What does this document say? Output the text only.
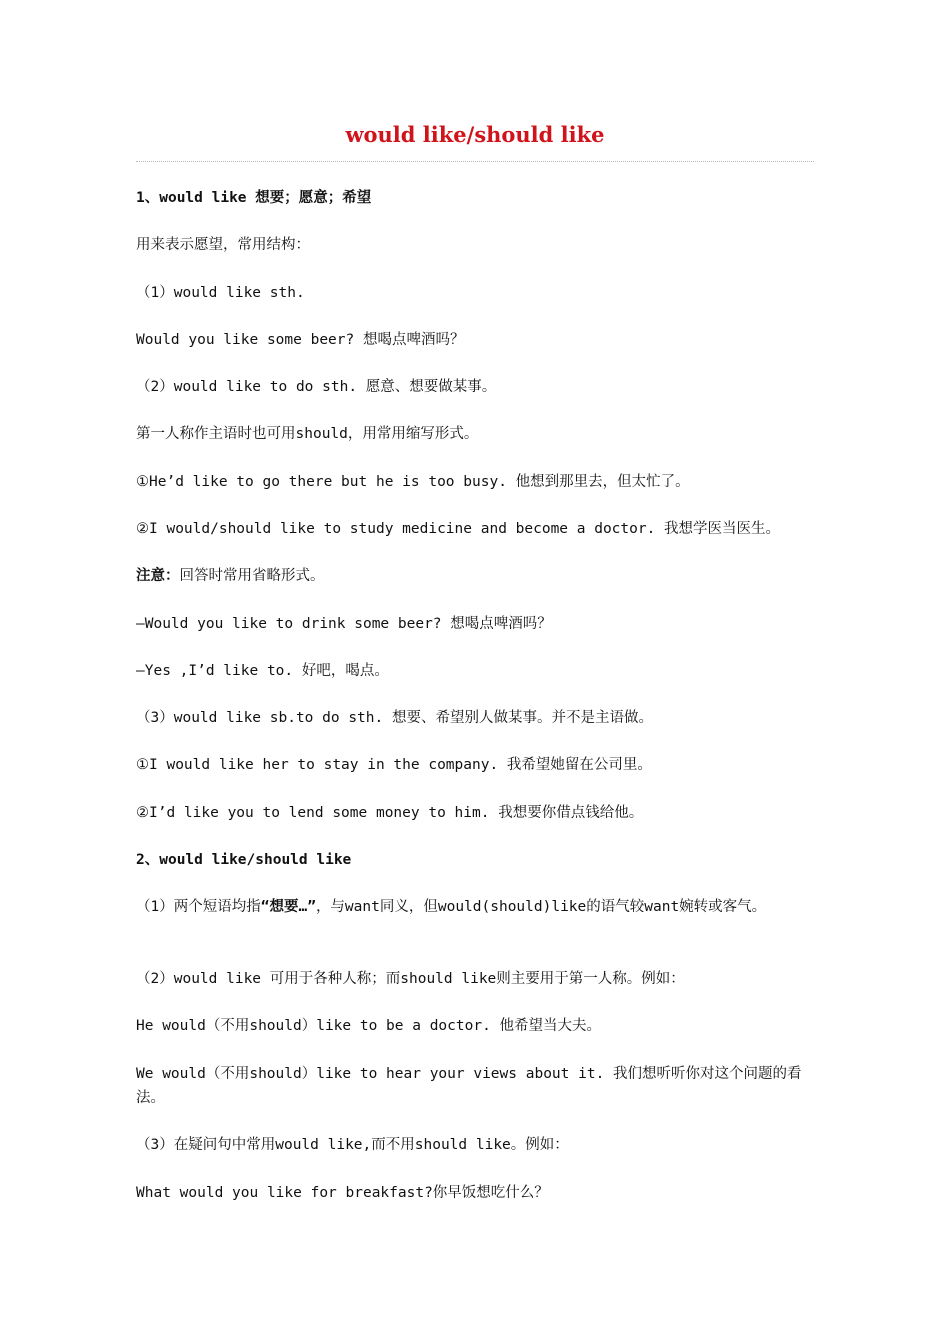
would like/should like
1、would like 想要；愿意；希望
用来表示愿望，常用结构：
（1）would like sth.
Would you like some beer? 想喝点啤酒吗？
（2）would like to do sth. 愿意、想要做某事。
第一人称作主语时也可用should，用常用缩写形式。
①He’d like to go there but he is too busy. 他想到那里去，但太忙了。
②I would/should like to study medicine and become a doctor. 我想学医当医生。
注意：回答时常用省略形式。
—Would you like to drink some beer? 想喝点啤酒吗？
—Yes ,I’d like to. 好吧，喝点。
（3）would like sb.to do sth. 想要、希望别人做某事。并不是主语做。
①I would like her to stay in the company. 我希望她留在公司里。
②I’d like you to lend some money to him. 我想要你借点钱给他。
2、would like/should like
（1）两个短语均指“想要…”，与want同义，但would(should)like的语气较want婉转或客气。
（2）would like 可用于各种人称；而should like则主要用于第一人称。例如：
He would（不用should）like to be a doctor. 他希望当大夫。
We would（不用should）like to hear your views about it. 我们想听听你对这个问题的看法。
（3）在疑问句中常用would like,而不用should like。例如：
What would you like for breakfast?你早饭想吃什么？
